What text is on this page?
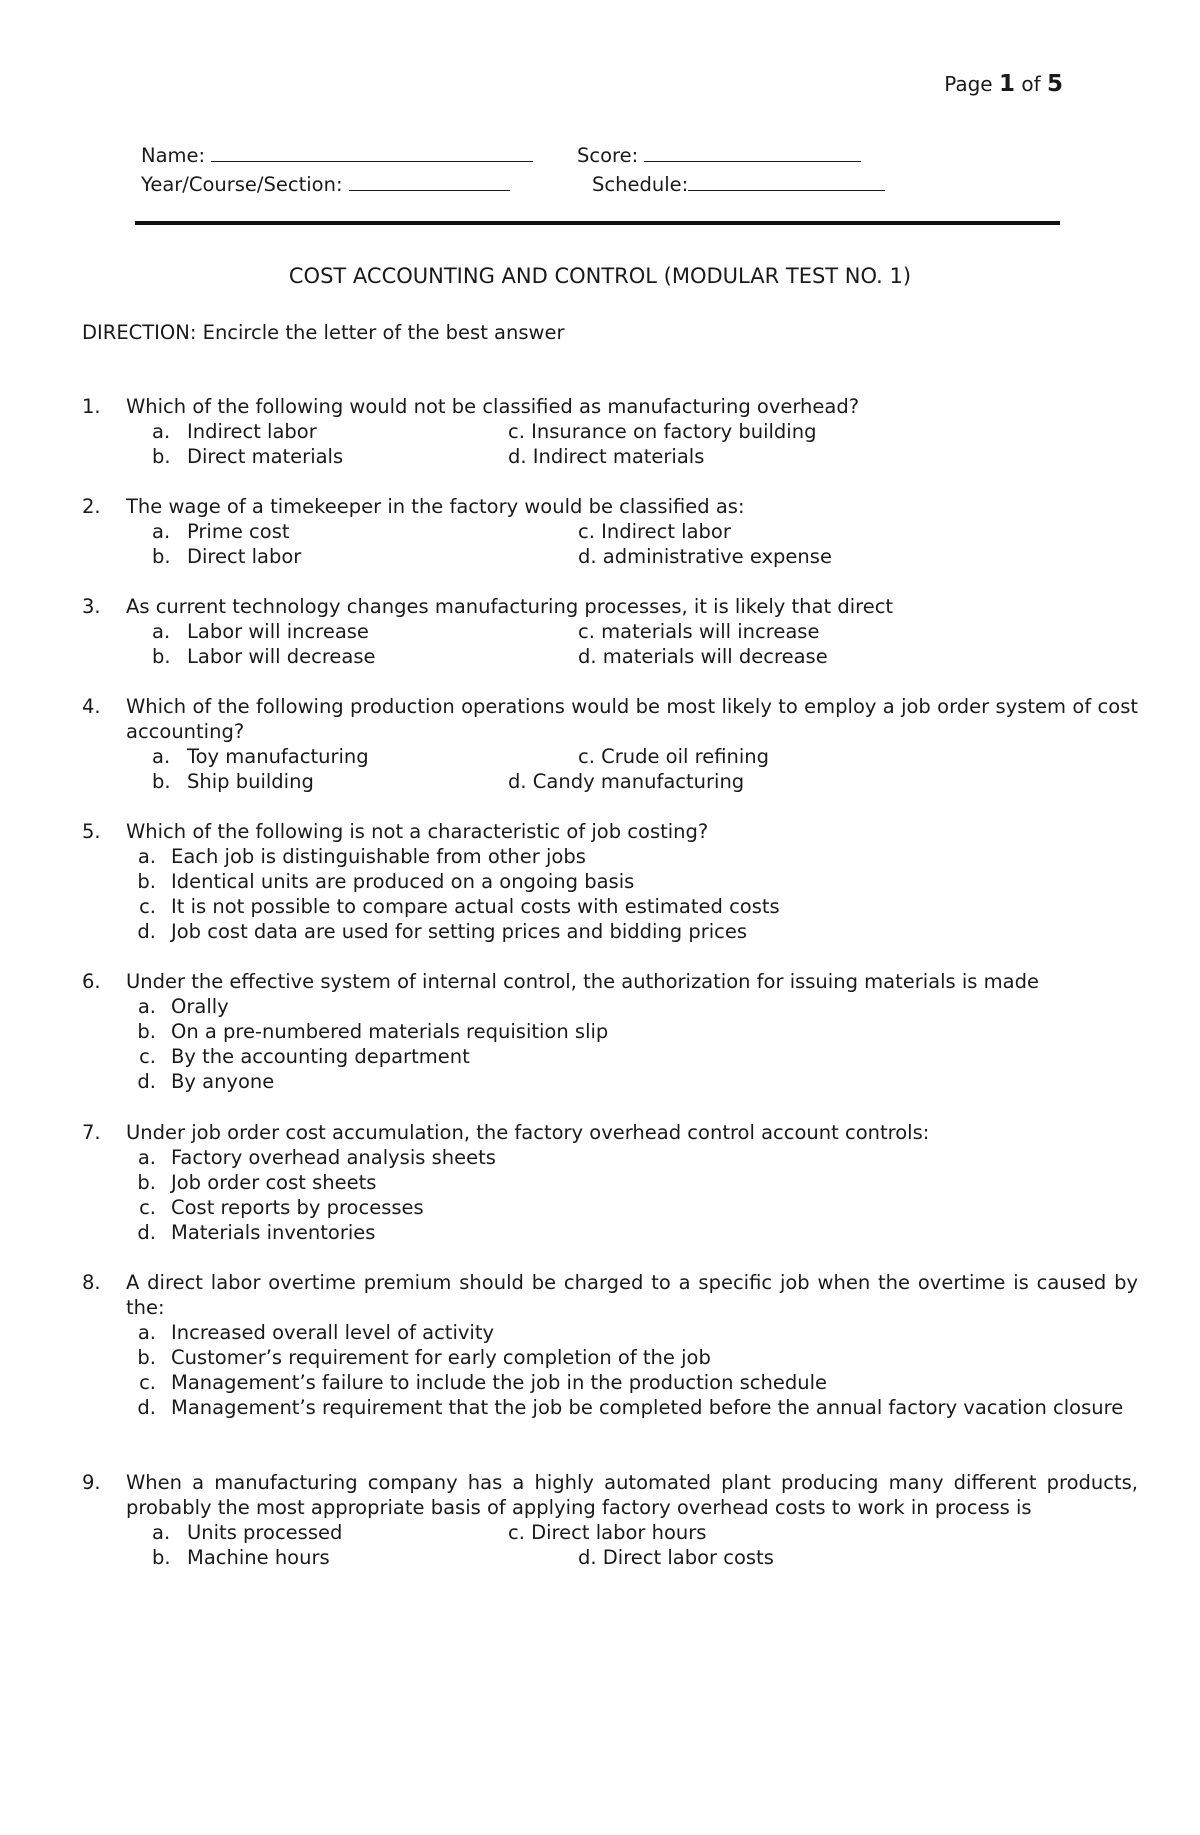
Page 1 of 5
Name:	Score:
Year/Course/Section:	Schedule:
COST ACCOUNTING AND CONTROL (MODULAR TEST NO. 1)
DIRECTION: Encircle the letter of the best answer
1.	Which of the following would not be classified as manufacturing overhead?
a. Indirect labor
b. Direct materials
c. Insurance on factory building
d. Indirect materials
2.	The wage of a timekeeper in the factory would be classified as:
a. Prime cost
b. Direct labor
c. Indirect labor
d. administrative expense
3.	As current technology changes manufacturing processes, it is likely that direct
a. Labor will increase
b. Labor will decrease
c. materials will increase
d. materials will decrease
4.	Which of the following production operations would be most likely to employ a job order system of cost accounting?
a. Toy manufacturing
b. Ship building
c. Crude oil refining
d. Candy manufacturing
5.	Which of the following is not a characteristic of job costing?
a. Each job is distinguishable from other jobs
b. Identical units are produced on a ongoing basis
c. It is not possible to compare actual costs with estimated costs
d. Job cost data are used for setting prices and bidding prices
6.	Under the effective system of internal control, the authorization for issuing materials is made
a. Orally
b. On a pre-numbered materials requisition slip
c. By the accounting department
d. By anyone
7.	Under job order cost accumulation, the factory overhead control account controls:
a. Factory overhead analysis sheets
b. Job order cost sheets
c. Cost reports by processes
d. Materials inventories
8.	A direct labor overtime premium should be charged to a specific job when the overtime is caused by the:
a. Increased overall level of activity
b. Customer’s requirement for early completion of the job
c. Management’s failure to include the job in the production schedule
d. Management’s requirement that the job be completed before the annual factory vacation closure
9.	When a manufacturing company has a highly automated plant producing many different products, probably the most appropriate basis of applying factory overhead costs to work in process is
a. Units processed
b. Machine hours
c. Direct labor hours
d. Direct labor costs
